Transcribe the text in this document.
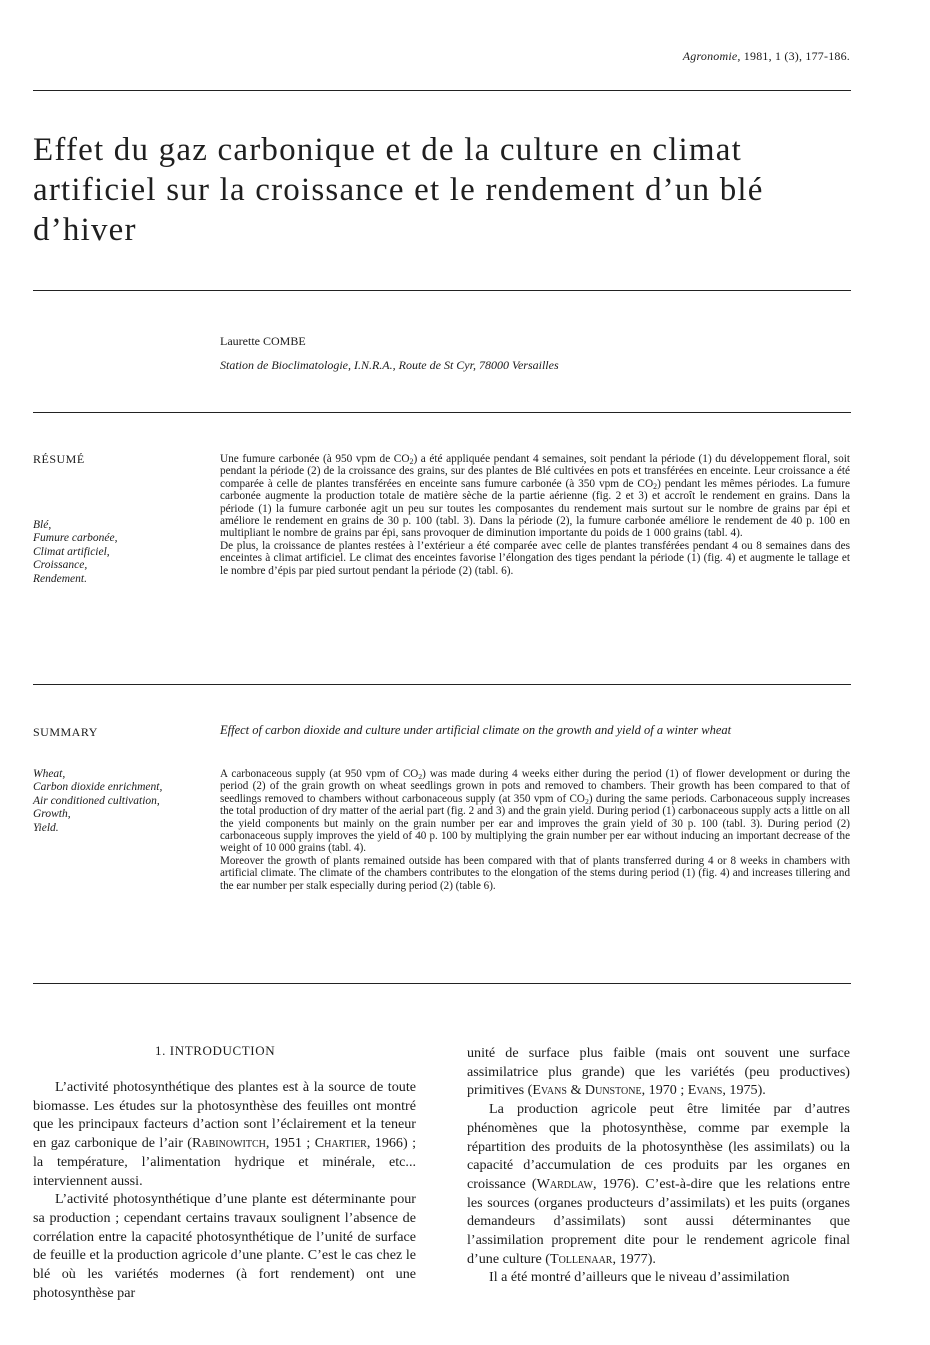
Agronomie, 1981, 1 (3), 177-186.
Effet du gaz carbonique et de la culture en climat artificiel sur la croissance et le rendement d’un blé d’hiver
Laurette COMBE
Station de Bioclimatologie, I.N.R.A., Route de St Cyr, 78000 Versailles
RÉSUMÉ
Blé,
Fumure carbonée,
Climat artificiel,
Croissance,
Rendement.

Une fumure carbonée (à 950 vpm de $CO_2$) a été appliquée pendant 4 semaines, soit pendant la période (1) du développement floral, soit pendant la période (2) de la croissance des grains, sur des plantes de Blé cultivées en pots et transférées en enceinte. Leur croissance a été comparée à celle de plantes transférées en enceinte sans fumure carbonée (à 350 vpm de $CO_2$) pendant les mêmes périodes. La fumure carbonée augmente la production totale de matière sèche de la partie aérienne (fig. 2 et 3) et accroît le rendement en grains. Dans la période (1) la fumure carbonée agit un peu sur toutes les composantes du rendement mais surtout sur le nombre de grains par épi et améliore le rendement en grains de 30 p. 100 (tabl. 3). Dans la période (2), la fumure carbonée améliore le rendement de 40 p. 100 en multipliant le nombre de grains par épi, sans provoquer de diminution importante du poids de 1 000 grains (tabl. 4).

De plus, la croissance de plantes restées à l’extérieur a été comparée avec celle de plantes transférées pendant 4 ou 8 semaines dans des enceintes à climat artificiel. Le climat des enceintes favorise l’élongation des tiges pendant la période (1) (fig. 4) et augmente le tallage et le nombre d’épis par pied surtout pendant la période (2) (tabl. 6).

SUMMARY	Effect of carbon dioxide and culture under artificial climate on the growth and yield of a winter wheat
Wheat,
Carbon dioxide enrichment,
Air conditioned cultivation,
Growth,
Yield.

A carbonaceous supply (at 950 vpm of $CO_2$) was made during 4 weeks either during the period (1) of flower development or during the period (2) of the grain growth on wheat seedlings grown in pots and removed to chambers. Their growth has been compared to that of seedlings removed to chambers without carbonaceous supply (at 350 vpm of $CO_2$) during the same periods. Carbonaceous supply increases the total production of dry matter of the aerial part (fig. 2 and 3) and the grain yield. During period (1) carbonaceous supply acts a little on all the yield components but mainly on the grain number per ear and improves the grain yield of 30 p. 100 (tabl. 3). During period (2) carbonaceous supply improves the yield of 40 p. 100 by multiplying the grain number per ear without inducing an important decrease of the weight of 10 000 grains (tabl. 4).

Moreover the growth of plants remained outside has been compared with that of plants transferred during 4 or 8 weeks in chambers with artificial climate. The climate of the chambers contributes to the elongation of the stems during period (1) (fig. 4) and increases tillering and the ear number per stalk especially during period (2) (table 6).

1. INTRODUCTION

L’activité photosynthétique des plantes est à la source de toute biomasse. Les études sur la photosynthèse des feuilles ont montré que les principaux facteurs d’action sont l’éclairement et la teneur en gaz carbonique de l’air (Rabinowitch, 1951 ; Chartier, 1966) ; la température, l’alimentation hydrique et minérale, etc... interviennent aussi.

L’activité photosynthétique d’une plante est déterminante pour sa production ; cependant certains travaux soulignent l’absence de corrélation entre la capacité photosynthétique de l’unité de surface de feuille et la production agricole d’une plante. C’est le cas chez le blé où les variétés modernes (à fort rendement) ont une photosynthèse par

unité de surface plus faible (mais ont souvent une surface assimilatrice plus grande) que les variétés (peu productives) primitives (Evans & Dunstone, 1970 ; Evans, 1975).

La production agricole peut être limitée par d’autres phénomènes que la photosynthèse, comme par exemple la répartition des produits de la photosynthèse (les assimilats) ou la capacité d’accumulation de ces produits par les organes en croissance (Wardlaw, 1976). C’est-à-dire que les relations entre les sources (organes producteurs d’assimilats) et les puits (organes demandeurs d’assimilats) sont aussi déterminantes que l’assimilation proprement dite pour le rendement agricole final d’une culture (Tollenaar, 1977).

Il a été montré d’ailleurs que le niveau d’assimilation
